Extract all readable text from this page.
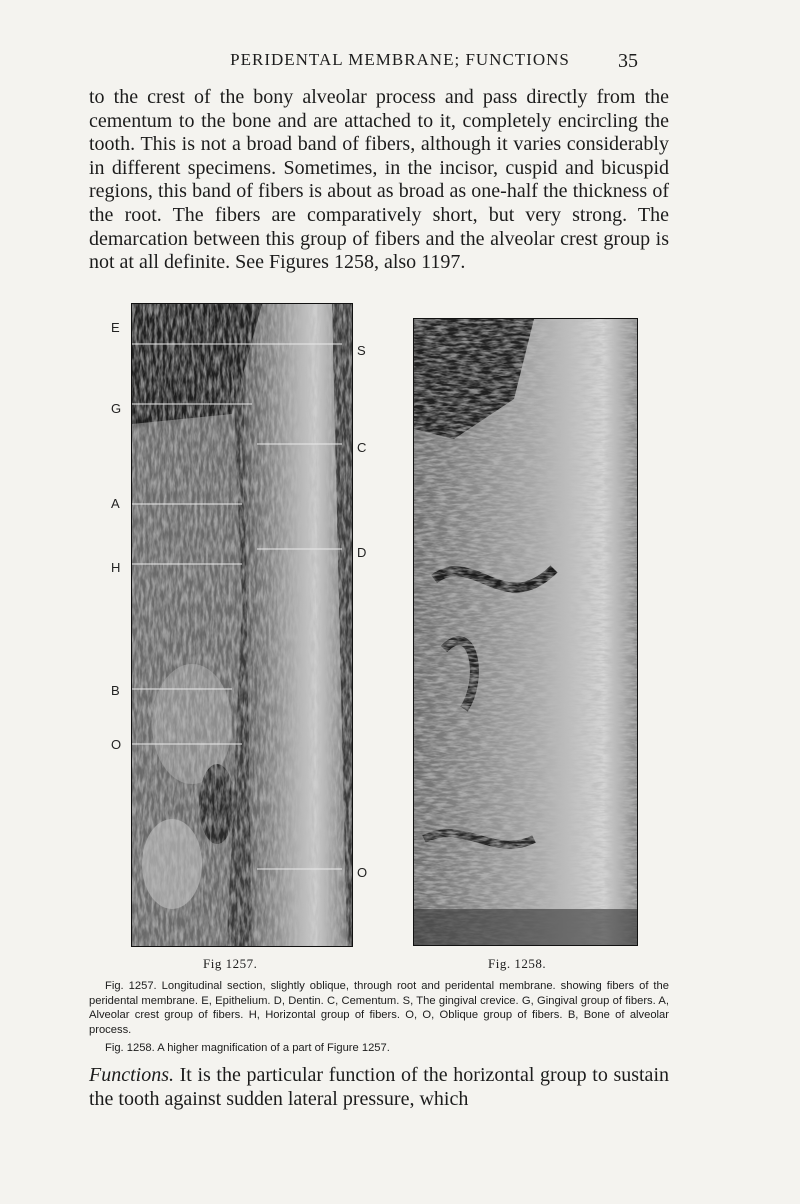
PERIDENTAL MEMBRANE; FUNCTIONS	35

to the crest of the bony alveolar process and pass directly from the cementum to the bone and are attached to it, completely encircling the tooth. This is not a broad band of fibers, although it varies considerably in different specimens. Sometimes, in the incisor, cuspid and bicuspid regions, this band of fibers is about as broad as one-half the thickness of the root. The fibers are comparatively short, but very strong. The demarcation between this group of fibers and the alveolar crest group is not at all definite. See Figures 1258, also 1197.

E
G
A
H
B
O
S
C
D
O
Fig 1257.	Fig. 1258.

Fig. 1257. Longitudinal section, slightly oblique, through root and peridental membrane. showing fibers of the peridental membrane. E, Epithelium. D, Dentin. C, Cementum. S, The gingival crevice. G, Gingival group of fibers. A, Alveolar crest group of fibers. H, Horizontal group of fibers. O, O, Oblique group of fibers. B, Bone of alveolar process.

Fig. 1258. A higher magnification of a part of Figure 1257.

Functions. It is the particular function of the horizontal group to sustain the tooth against sudden lateral pressure, which
